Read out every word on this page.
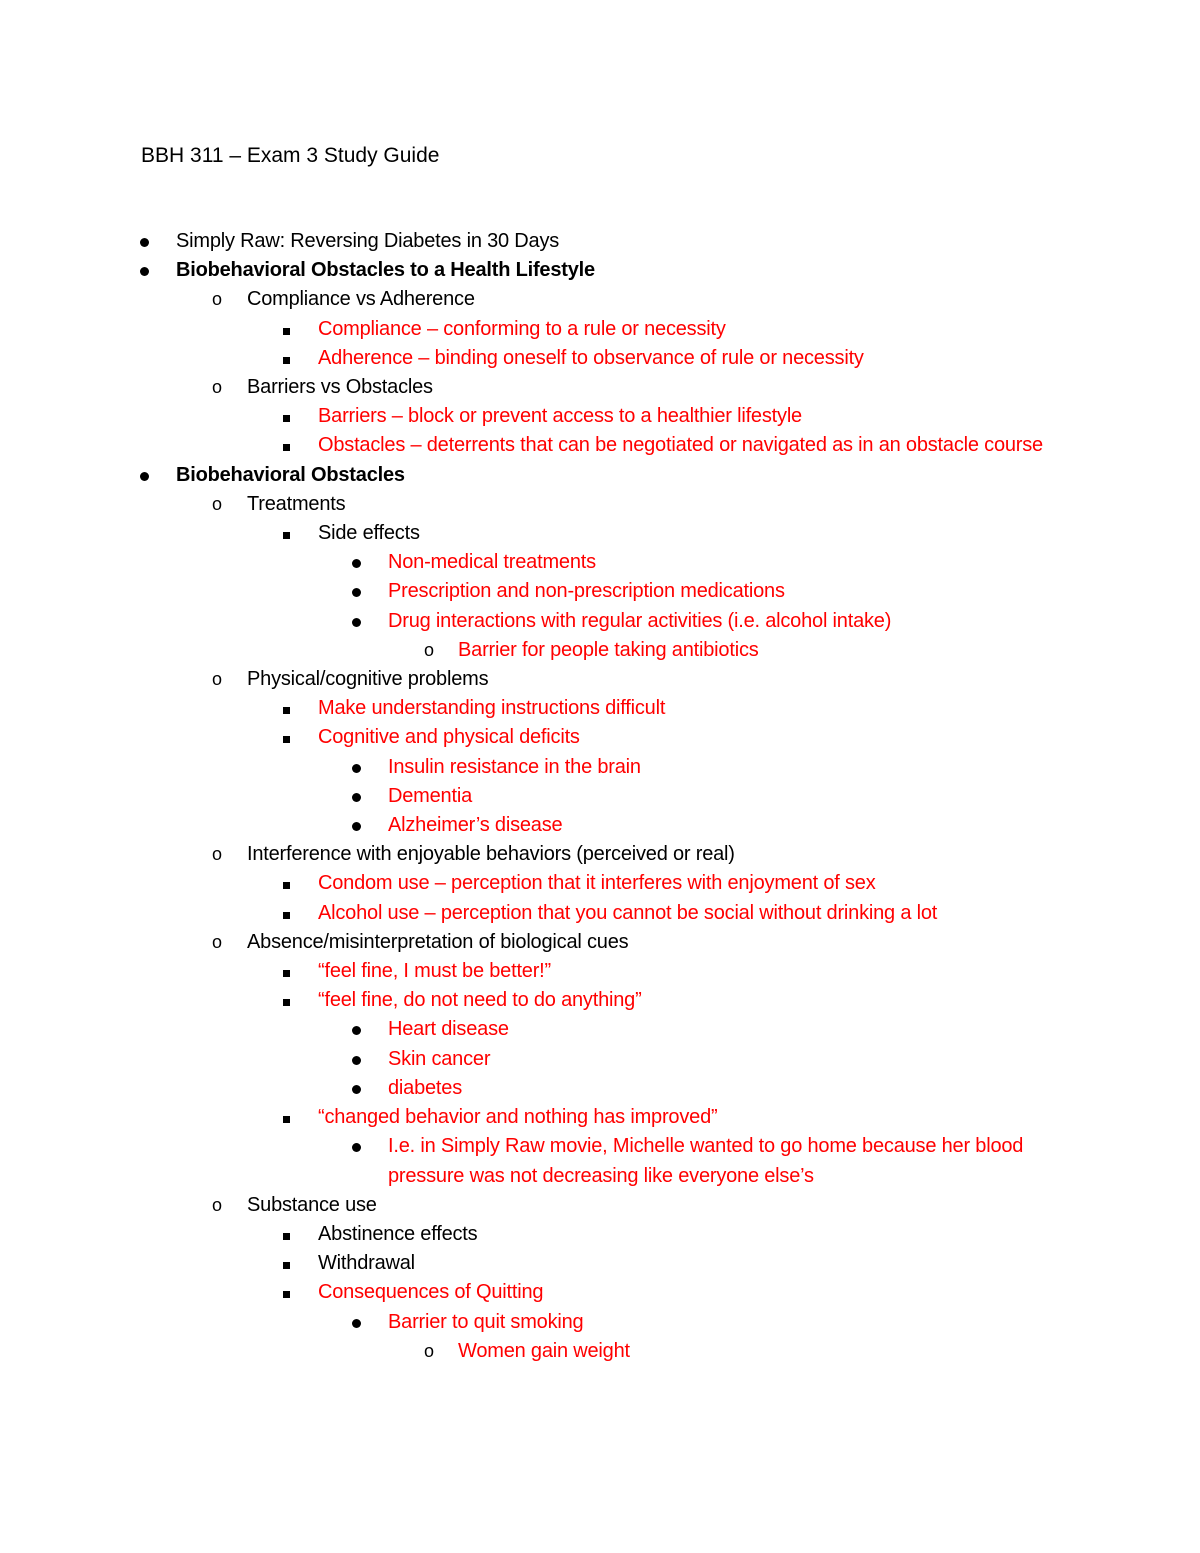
BBH 311 – Exam 3 Study Guide
Simply Raw: Reversing Diabetes in 30 Days
Biobehavioral Obstacles to a Health Lifestyle
o	Compliance vs Adherence
Compliance – conforming to a rule or necessity
Adherence – binding oneself to observance of rule or necessity
o	Barriers vs Obstacles
Barriers – block or prevent access to a healthier lifestyle
Obstacles – deterrents that can be negotiated or navigated as in an obstacle course
Biobehavioral Obstacles
o	Treatments
Side effects
Non-medical treatments
Prescription and non-prescription medications
Drug interactions with regular activities (i.e. alcohol intake)
o	Barrier for people taking antibiotics
o	Physical/cognitive problems
Make understanding instructions difficult
Cognitive and physical deficits
Insulin resistance in the brain
Dementia
Alzheimer’s disease
o	Interference with enjoyable behaviors (perceived or real)
Condom use – perception that it interferes with enjoyment of sex
Alcohol use – perception that you cannot be social without drinking a lot
o	Absence/misinterpretation of biological cues
“feel fine, I must be better!”
“feel fine, do not need to do anything”
Heart disease
Skin cancer
diabetes
“changed behavior and nothing has improved”
I.e. in Simply Raw movie, Michelle wanted to go home because her blood pressure was not decreasing like everyone else’s
o	Substance use
Abstinence effects
Withdrawal
Consequences of Quitting
Barrier to quit smoking
o	Women gain weight
